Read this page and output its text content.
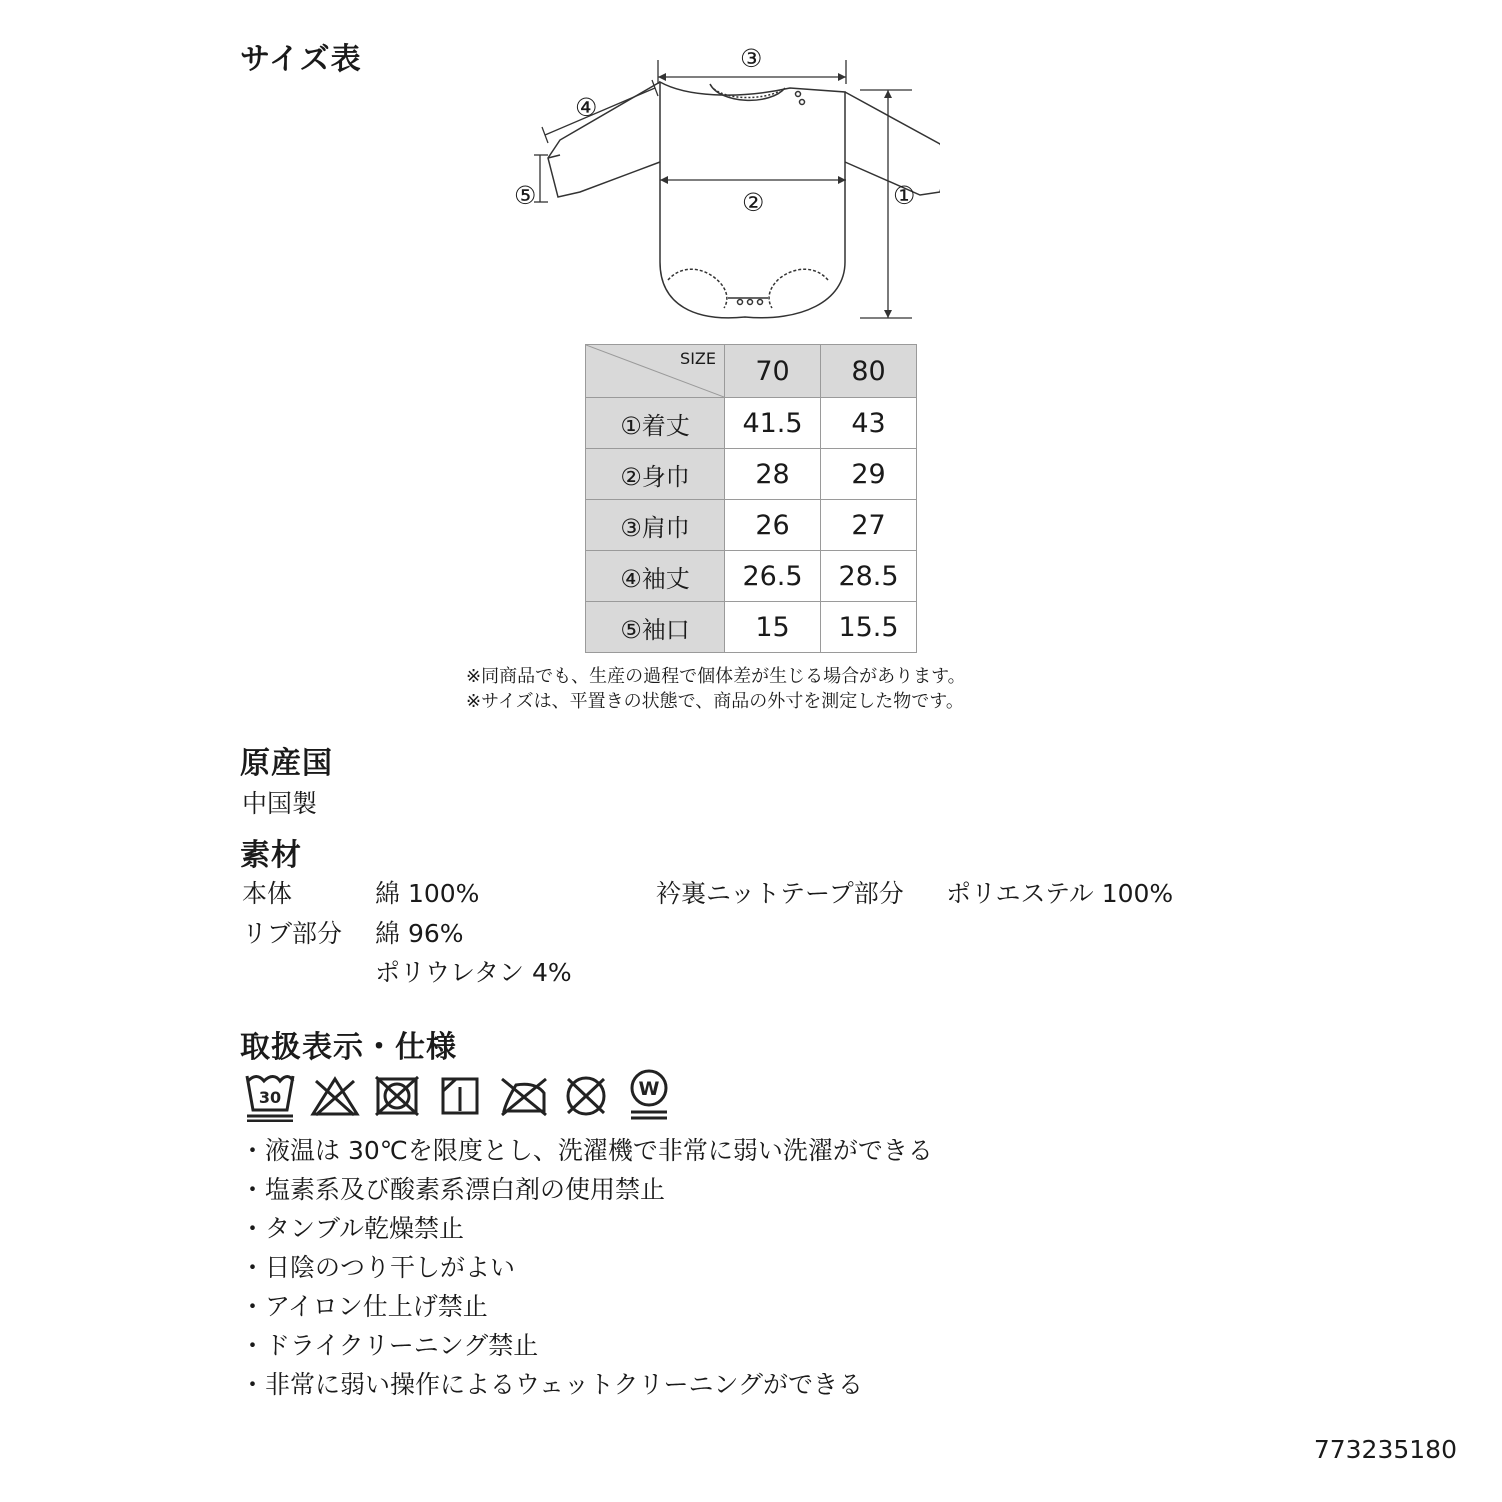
サイズ表	③
④
⑤	②	①
SIZE	70	80
①着丈	41.5	43
②身巾	28	29
③肩巾	26	27
④袖丈	26.5	28.5
⑤袖口	15	15.5
※同商品でも、生産の過程で個体差が生じる場合があります。
※サイズは、平置きの状態で、商品の外寸を測定した物です。
原産国
中国製
素材
本体	綿 100%	衿裏ニットテープ部分 ポリエステル 100%
リブ部分 綿 96%
ポリウレタン 4%
取扱表示・仕様
30	W
・液温は 30℃を限度とし、洗濯機で非常に弱い洗濯ができる
・塩素系及び酸素系漂白剤の使用禁止
・タンブル乾燥禁止
・日陰のつり干しがよい
・アイロン仕上げ禁止
・ドライクリーニング禁止
・非常に弱い操作によるウェットクリーニングができる
773235180
